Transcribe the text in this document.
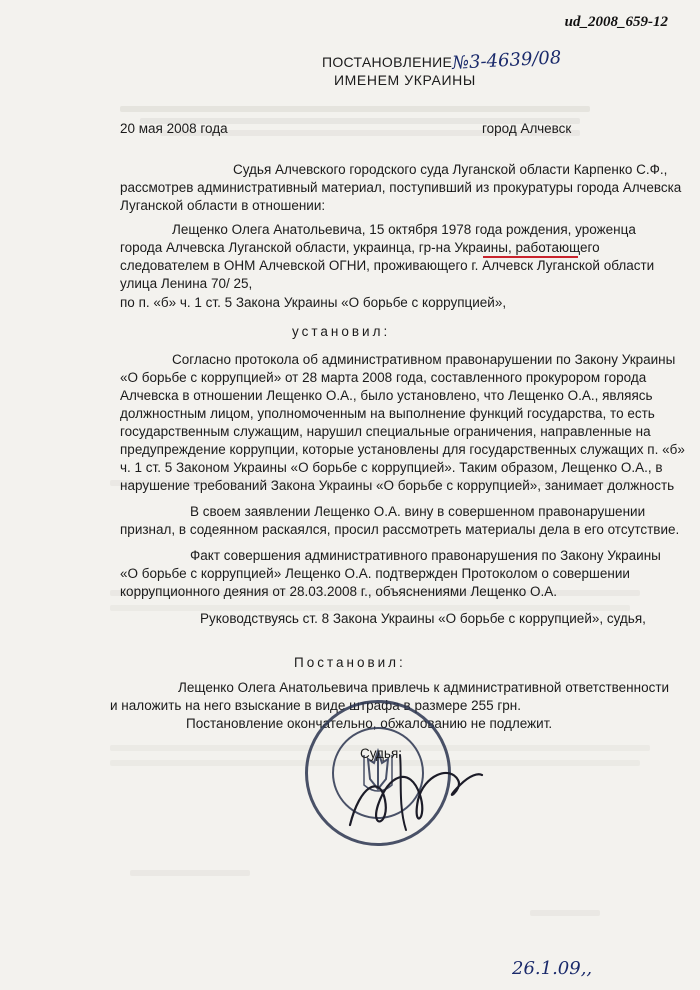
ud_2008_659-12
ПОСТАНОВЛЕНИЕ №3-4639/08
ИМЕНЕМ УКРАИНЫ
20 мая 2008 года	город Алчевск
Судья Алчевского городского суда Луганской области Карпенко С.Ф.,
рассмотрев административный материал, поступивший из прокуратуры города Алчевска
Луганской области в отношении:
Лещенко Олега Анатольевича, 15 октября 1978 года рождения, уроженца
города Алчевска Луганской области, украинца, гр-на Украины, работающего
следователем в ОНМ Алчевской ОГНИ, проживающего г. Алчевск Луганской области
улица Ленина 70/ 25,
по п. «б» ч. 1 ст. 5 Закона Украины «О борьбе с коррупцией»,
установил:
Согласно протокола об административном правонарушении по Закону Украины
«О борьбе с коррупцией» от 28 марта 2008 года, составленного прокурором города
Алчевска в отношении Лещенко О.А., было установлено, что Лещенко О.А., являясь
должностным лицом, уполномоченным на выполнение функций государства, то есть
государственным служащим, нарушил специальные ограничения, направленные на
предупреждение коррупции, которые установлены для государственных служащих п. «б»
ч. 1 ст. 5 Законом Украины «О борьбе с коррупцией». Таким образом, Лещенко О.А., в
нарушение требований Закона Украины «О борьбе с коррупцией», занимает должность
В своем заявлении Лещенко О.А. вину в совершенном правонарушении
признал, в содеянном раскаялся, просил рассмотреть материалы дела в его отсутствие.
Факт совершения административного правонарушения по Закону Украины
«О борьбе с коррупцией» Лещенко О.А. подтвержден Протоколом о совершении
коррупционного деяния от 28.03.2008 г., объяснениями Лещенко О.А.
Руководствуясь ст. 8 Закона Украины «О борьбе с коррупцией», судья,
Постановил:
Лещенко Олега Анатольевича привлечь к административной ответственности
и наложить на него взыскание в виде штрафа в размере 255 грн.
Постановление окончательно, обжалованию не подлежит.
Судья:
26.1.09,,
